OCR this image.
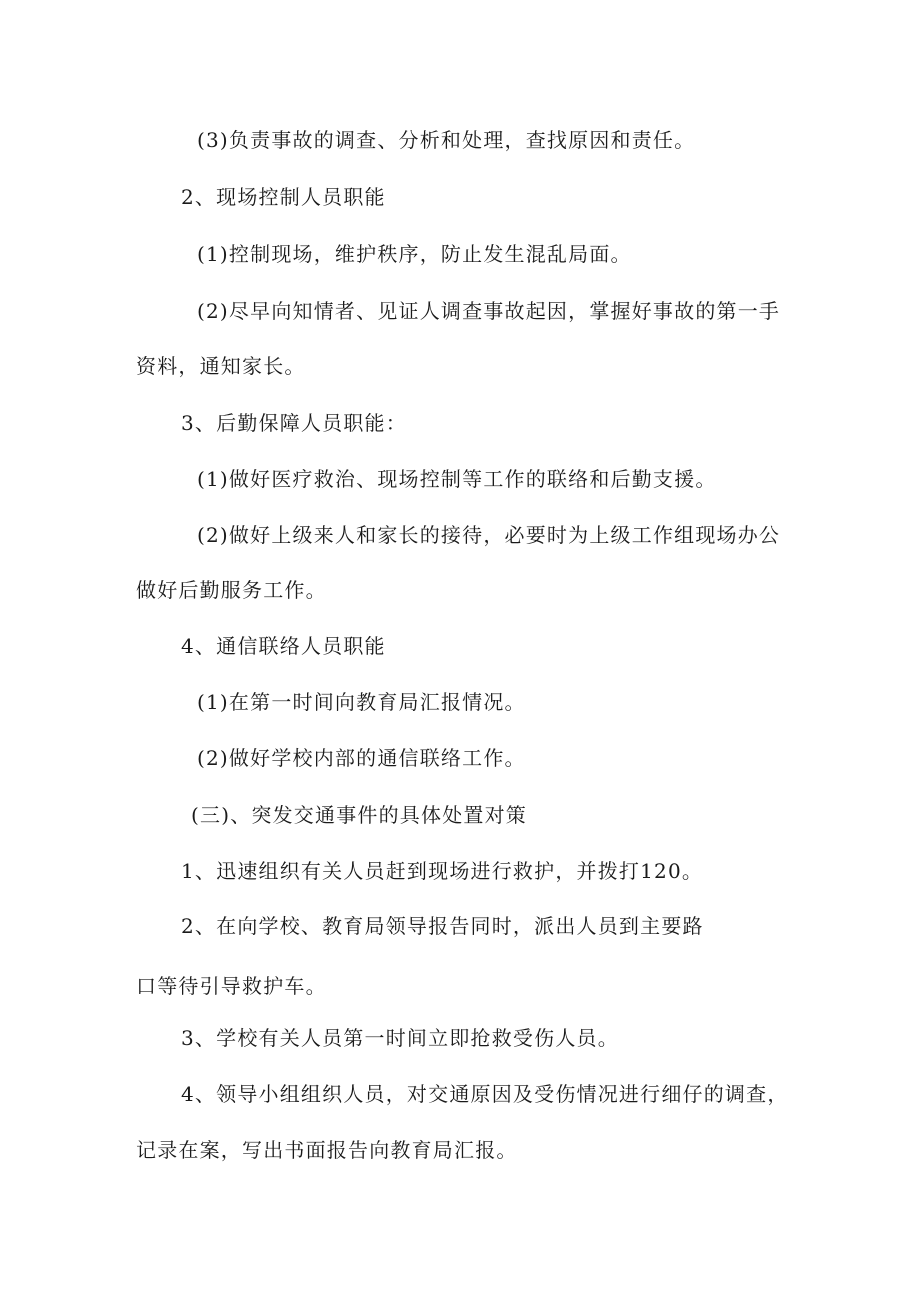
(3)负责事故的调查、分析和处理，查找原因和责任。
2、现场控制人员职能
(1)控制现场，维护秩序，防止发生混乱局面。
(2)尽早向知情者、见证人调查事故起因，掌握好事故的第一手
资料，通知家长。
3、后勤保障人员职能：
(1)做好医疗救治、现场控制等工作的联络和后勤支援。
(2)做好上级来人和家长的接待，必要时为上级工作组现场办公
做好后勤服务工作。
4、通信联络人员职能
(1)在第一时间向教育局汇报情况。
(2)做好学校内部的通信联络工作。
(三)、突发交通事件的具体处置对策
1、迅速组织有关人员赶到现场进行救护，并拨打120。
2、在向学校、教育局领导报告同时，派出人员到主要路
口等待引导救护车。
3、学校有关人员第一时间立即抢救受伤人员。
4、领导小组组织人员，对交通原因及受伤情况进行细仔的调查，
记录在案，写出书面报告向教育局汇报。
